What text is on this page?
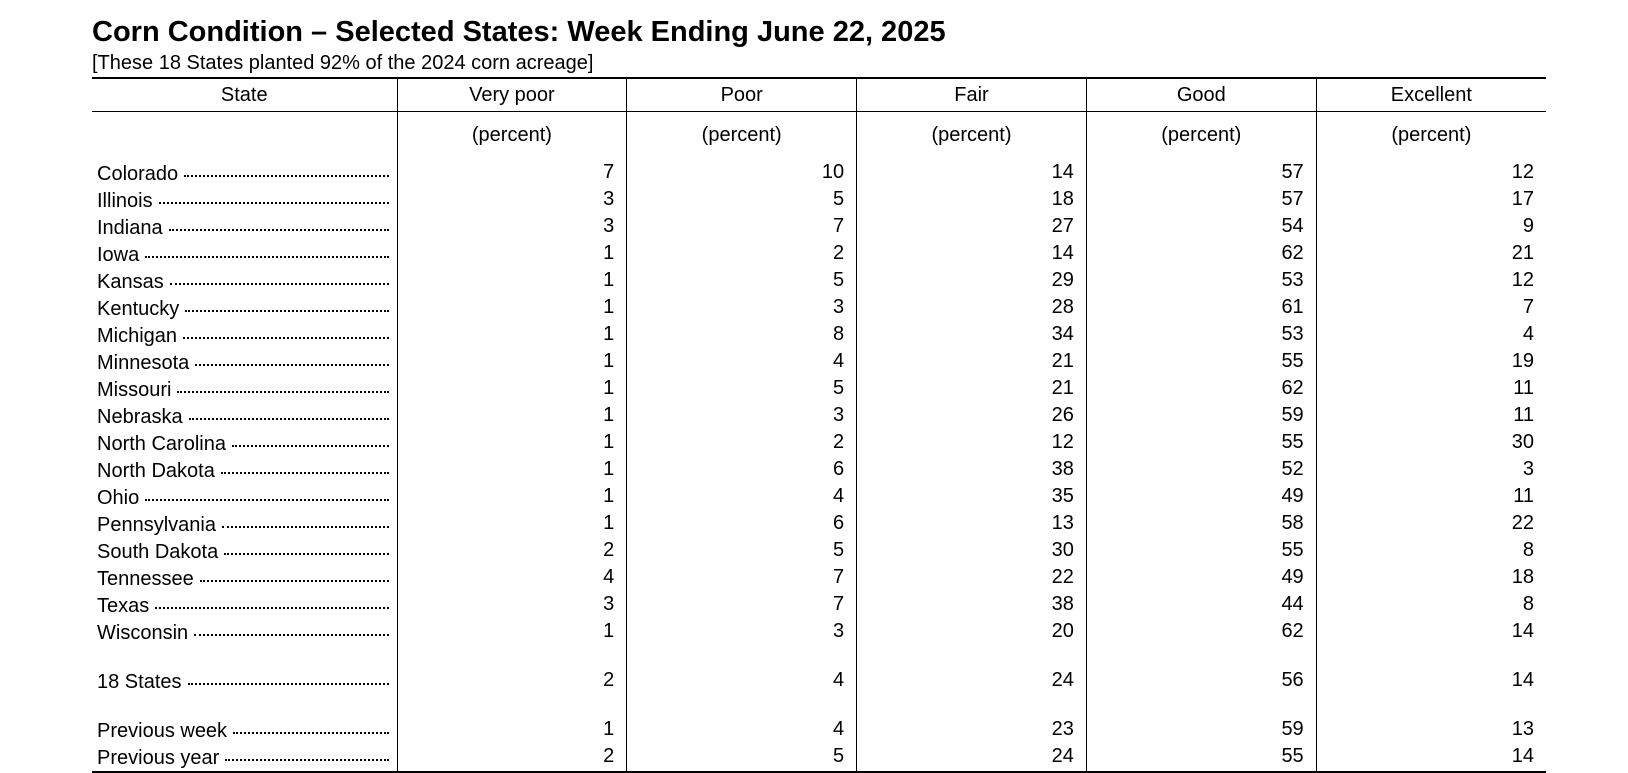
Corn Condition – Selected States: Week Ending June 22, 2025
[These 18 States planted 92% of the 2024 corn acreage]
State	Very poor	Poor	Fair	Good	Excellent
	(percent)	(percent)	(percent)	(percent)	(percent)

Colorado	7	10	14	57	12

Illinois	3	5	18	57	17

Indiana	3	7	27	54	9

Iowa	1	2	14	62	21

Kansas	1	5	29	53	12

Kentucky	1	3	28	61	7

Michigan	1	8	34	53	4

Minnesota	1	4	21	55	19

Missouri	1	5	21	62	11

Nebraska	1	3	26	59	11

North Carolina	1	2	12	55	30

North Dakota	1	6	38	52	3

Ohio	1	4	35	49	11

Pennsylvania	1	6	13	58	22

South Dakota	2	5	30	55	8

Tennessee	4	7	22	49	18

Texas	3	7	38	44	8

Wisconsin	1	3	20	62	14

18 States	2	4	24	56	14

Previous week	1	4	23	59	13

Previous year	2	5	24	55	14
